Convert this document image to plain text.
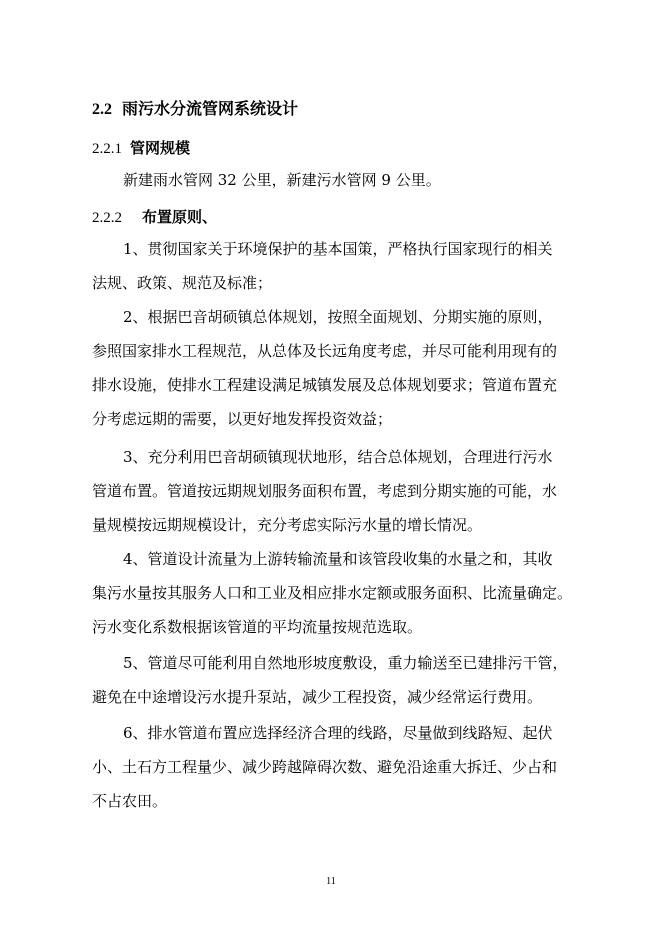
2.2 雨污水分流管网系统设计
2.2.1 管网规模
新建雨水管网 32 公里，新建污水管网 9 公里。
2.2.2 布置原则、
1、贯彻国家关于环境保护的基本国策，严格执行国家现行的相关
法规、政策、规范及标准；
2、根据巴音胡硕镇总体规划，按照全面规划、分期实施的原则，
参照国家排水工程规范，从总体及长远角度考虑，并尽可能利用现有的
排水设施，使排水工程建设满足城镇发展及总体规划要求；管道布置充
分考虑远期的需要，以更好地发挥投资效益；
3、充分利用巴音胡硕镇现状地形，结合总体规划，合理进行污水
管道布置。管道按远期规划服务面积布置，考虑到分期实施的可能，水
量规模按远期规模设计，充分考虑实际污水量的增长情况。
4、管道设计流量为上游转输流量和该管段收集的水量之和，其收
集污水量按其服务人口和工业及相应排水定额或服务面积、比流量确定。
污水变化系数根据该管道的平均流量按规范选取。
5、管道尽可能利用自然地形坡度敷设，重力输送至已建排污干管，
避免在中途增设污水提升泵站，减少工程投资，减少经常运行费用。
6、排水管道布置应选择经济合理的线路，尽量做到线路短、起伏
小、土石方工程量少、减少跨越障碍次数、避免沿途重大拆迁、少占和
不占农田。
11
